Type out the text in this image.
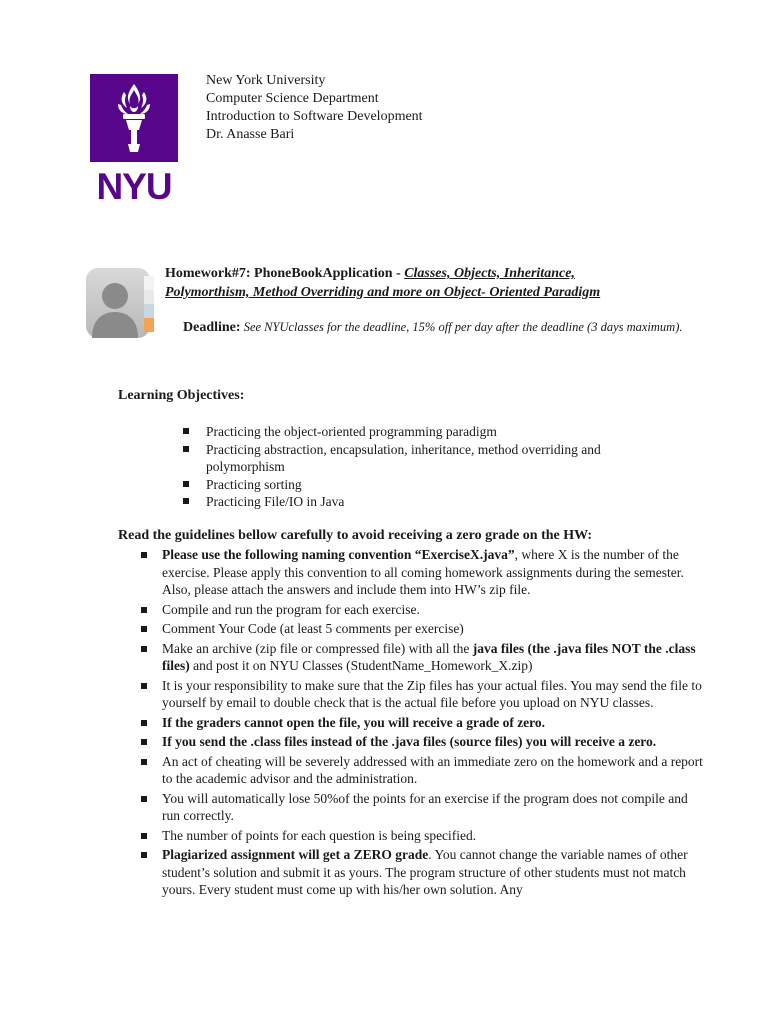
NYU
New York University
Computer Science Department
Introduction to Software Development
Dr. Anasse Bari
Homework#7: PhoneBookApplication - Classes, Objects, Inheritance,
Polymorthism, Method Overriding and more on Object- Oriented Paradigm
Deadline: See NYUclasses for the deadline, 15% off per day after the deadline (3 days maximum).
Learning Objectives:
Practicing the object-oriented programming paradigm
Practicing abstraction, encapsulation, inheritance, method overriding and polymorphism
Practicing sorting
Practicing File/IO in Java
Read the guidelines bellow carefully to avoid receiving a zero grade on the HW:
Please use the following naming convention “ExerciseX.java”, where X is the number of the exercise. Please apply this convention to all coming homework assignments during the semester. Also, please attach the answers and include them into HW’s zip file.
Compile and run the program for each exercise.
Comment Your Code (at least 5 comments per exercise)
Make an archive (zip file or compressed file) with all the java files (the .java files NOT the .class files) and post it on NYU Classes (StudentName_Homework_X.zip)
It is your responsibility to make sure that the Zip files has your actual files. You may send the file to yourself by email to double check that is the actual file before you upload on NYU classes.
If the graders cannot open the file, you will receive a grade of zero.
If you send the .class files instead of the .java files (source files) you will receive a zero.
An act of cheating will be severely addressed with an immediate zero on the homework and a report to the academic advisor and the administration.
You will automatically lose 50%of the points for an exercise if the program does not compile and run correctly.
The number of points for each question is being specified.
Plagiarized assignment will get a ZERO grade. You cannot change the variable names of other student’s solution and submit it as yours. The program structure of other students must not match yours. Every student must come up with his/her own solution. Any
